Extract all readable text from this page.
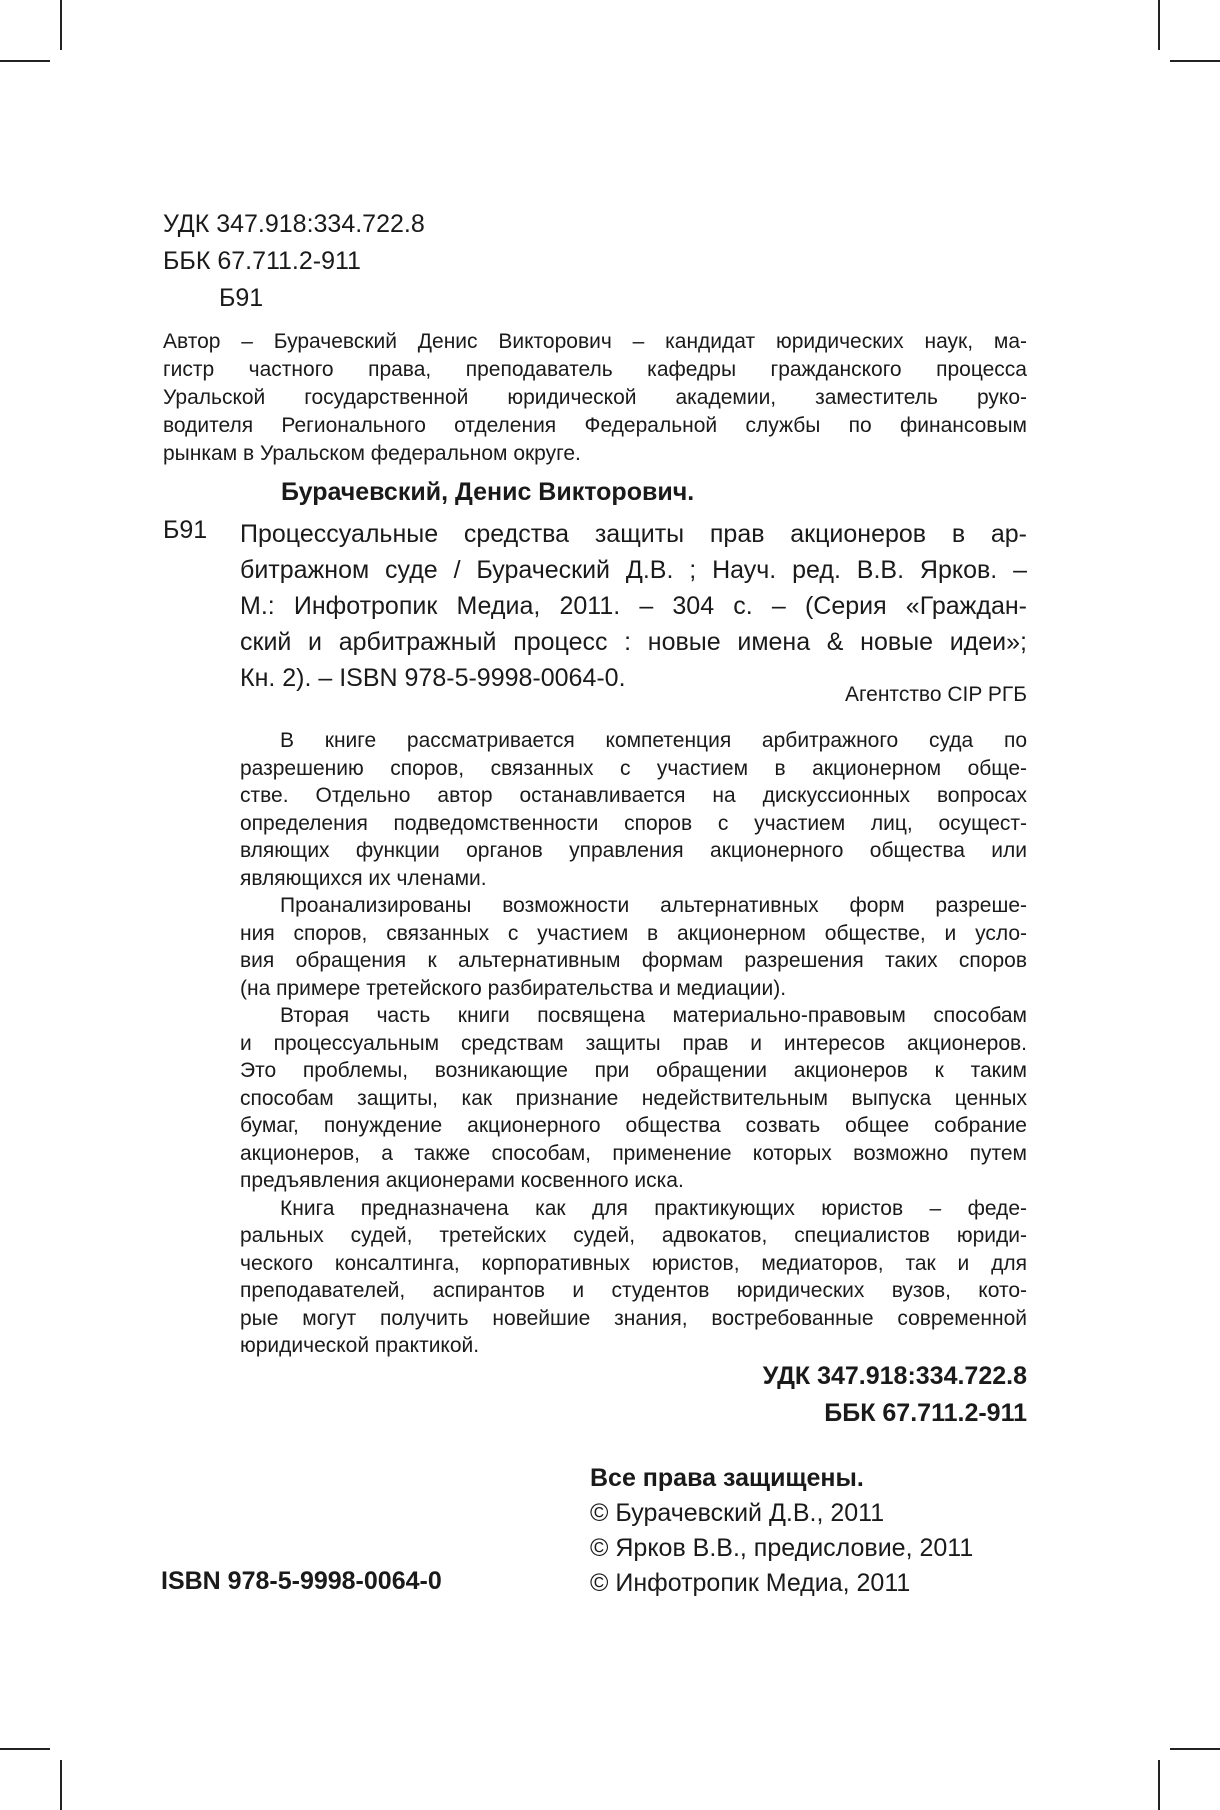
УДК 347.918:334.722.8
ББК 67.711.2-911
Б91
Автор – Бурачевский Денис Викторович – кандидат юридических наук, ма-
гистр частного права, преподаватель кафедры гражданского процесса
Уральской государственной юридической академии, заместитель руко-
водителя Регионального отделения Федеральной службы по финансовым
рынкам в Уральском федеральном округе.
Бурачевский, Денис Викторович.
Б91 Процессуальные средства защиты прав акционеров в ар-
битражном суде / Бураческий Д.В. ; Науч. ред. В.В. Ярков. –
М.: Инфотропик Медиа, 2011. – 304 с. – (Серия «Граждан-
ский и арбитражный процесс : новые имена & новые идеи»;
Кн. 2). – ISBN 978-5-9998-0064-0.
Агентство CIP РГБ
В книге рассматривается компетенция арбитражного суда по
разрешению споров, связанных с участием в акционерном обще-
стве. Отдельно автор останавливается на дискуссионных вопросах
определения подведомственности споров с участием лиц, осущест-
вляющих функции органов управления акционерного общества или
являющихся их членами.
Проанализированы возможности альтернативных форм разреше-
ния споров, связанных с участием в акционерном обществе, и усло-
вия обращения к альтернативным формам разрешения таких споров
(на примере третейского разбирательства и медиации).
Вторая часть книги посвящена материально-правовым способам
и процессуальным средствам защиты прав и интересов акционеров.
Это проблемы, возникающие при обращении акционеров к таким
способам защиты, как признание недействительным выпуска ценных
бумаг, понуждение акционерного общества созвать общее собрание
акционеров, а также способам, применение которых возможно путем
предъявления акционерами косвенного иска.
Книга предназначена как для практикующих юристов – феде-
ральных судей, третейских судей, адвокатов, специалистов юриди-
ческого консалтинга, корпоративных юристов, медиаторов, так и для
преподавателей, аспирантов и студентов юридических вузов, кото-
рые могут получить новейшие знания, востребованные современной
юридической практикой.
УДК 347.918:334.722.8
ББК 67.711.2-911
Все права защищены.
© Бурачевский Д.В., 2011
© Ярков В.В., предисловие, 2011
© Инфотропик Медиа, 2011
ISBN 978-5-9998-0064-0
